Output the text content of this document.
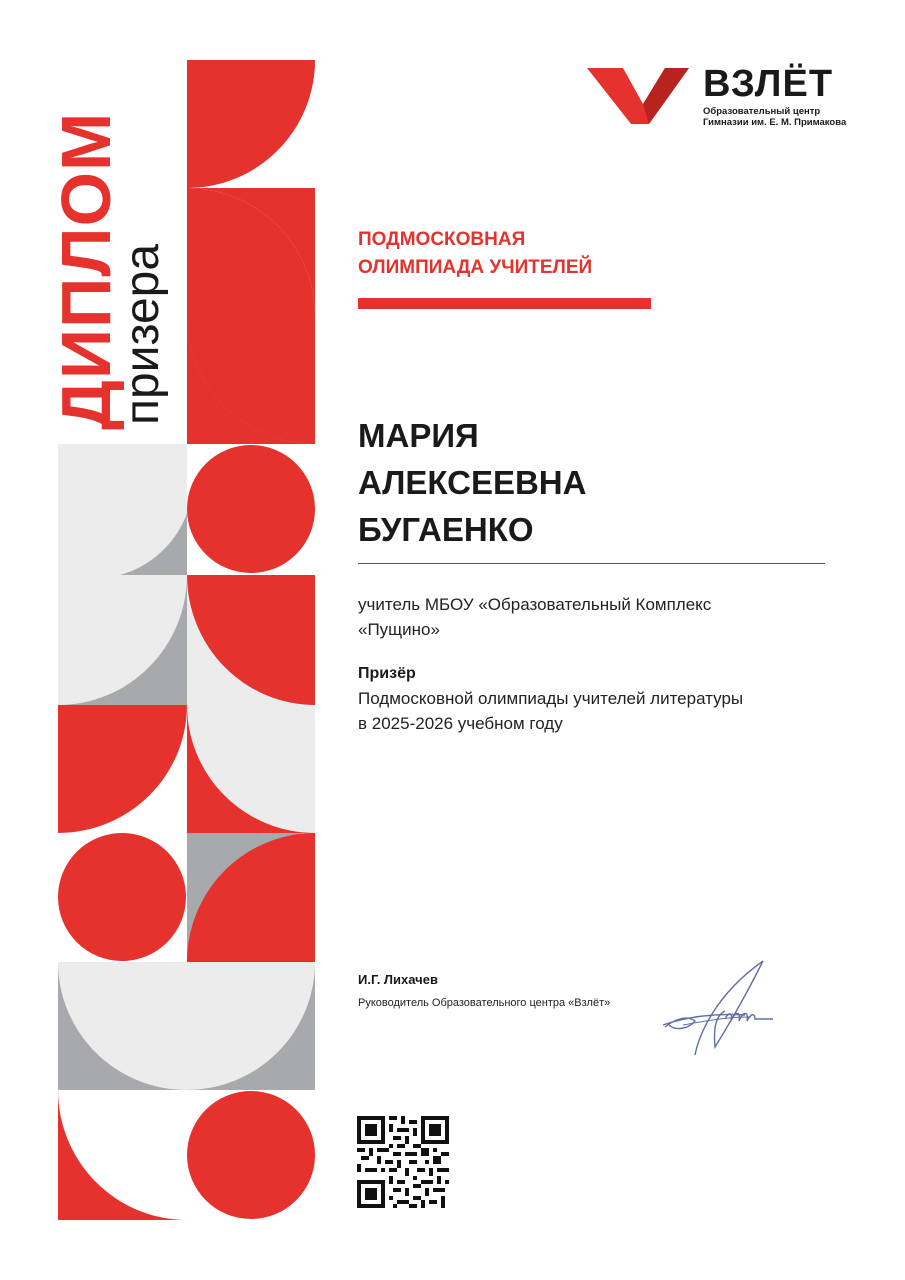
ДИПЛОМ
призера
ВЗЛЁТ
Образовательный центр
Гимназии им. Е. М. Примакова
ПОДМОСКОВНАЯ
ОЛИМПИАДА УЧИТЕЛЕЙ
МАРИЯ
АЛЕКСЕЕВНА
БУГАЕНКО
учитель МБОУ «Образовательный Комплекс
«Пущино»
Призёр
Подмосковной олимпиады учителей литературы
в 2025-2026 учебном году
И.Г. Лихачев
Руководитель Образовательного центра «Взлёт»
